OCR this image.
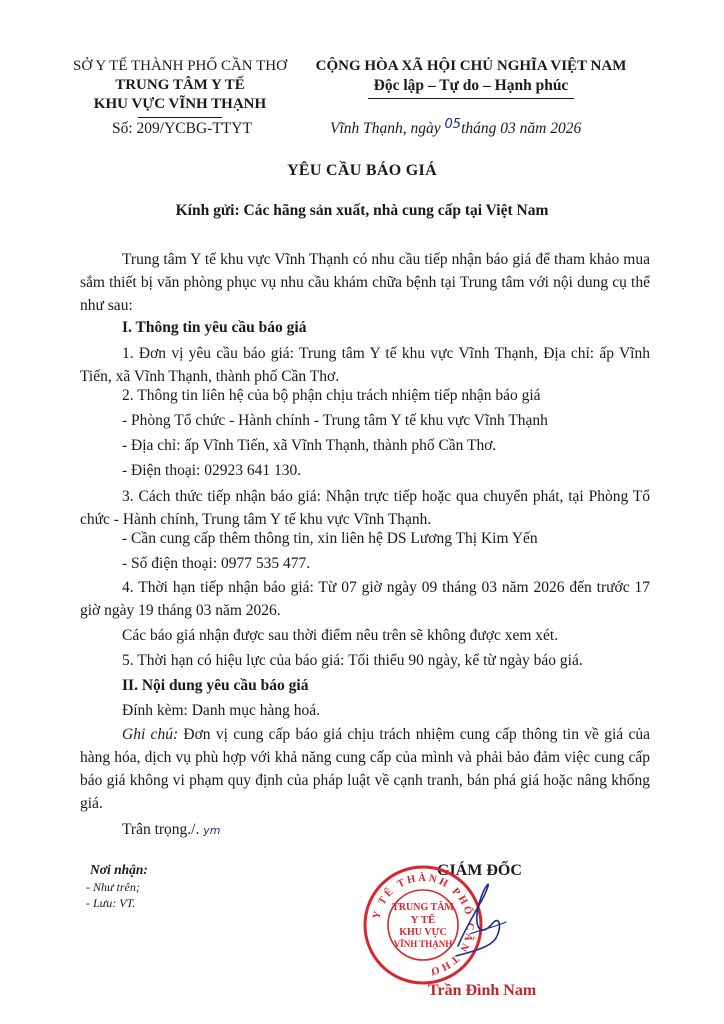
SỞ Y TẾ THÀNH PHỐ CẦN THƠ
TRUNG TÂM Y TẾ
KHU VỰC VĨNH THẠNH
Số: 209/YCBG-TTYT
CỘNG HÒA XÃ HỘI CHỦ NGHĨA VIỆT NAM
Độc lập – Tự do – Hạnh phúc
Vĩnh Thạnh, ngày $^{05}$tháng 03 năm 2026
YÊU CẦU BÁO GIÁ
Kính gửi: Các hãng sản xuất, nhà cung cấp tại Việt Nam
Trung tâm Y tế khu vực Vĩnh Thạnh có nhu cầu tiếp nhận báo giá để tham khảo mua sắm thiết bị văn phòng phục vụ nhu cầu khám chữa bệnh tại Trung tâm với nội dung cụ thể như sau:
I. Thông tin yêu cầu báo giá
1. Đơn vị yêu cầu báo giá: Trung tâm Y tế khu vực Vĩnh Thạnh, Địa chỉ: ấp Vĩnh Tiến, xã Vĩnh Thạnh, thành phố Cần Thơ.
2. Thông tin liên hệ của bộ phận chịu trách nhiệm tiếp nhận báo giá
- Phòng Tổ chức - Hành chính - Trung tâm Y tế khu vực Vĩnh Thạnh
- Địa chỉ: ấp Vĩnh Tiến, xã Vĩnh Thạnh, thành phố Cần Thơ.
- Điện thoại: 02923 641 130.
3. Cách thức tiếp nhận báo giá: Nhận trực tiếp hoặc qua chuyển phát, tại Phòng Tổ chức - Hành chính, Trung tâm Y tế khu vực Vĩnh Thạnh.
- Cần cung cấp thêm thông tin, xin liên hệ DS Lương Thị Kim Yến
- Số điện thoại: 0977 535 477.
4. Thời hạn tiếp nhận báo giá: Từ 07 giờ ngày 09 tháng 03 năm 2026 đến trước 17 giờ ngày 19 tháng 03 năm 2026.
Các báo giá nhận được sau thời điểm nêu trên sẽ không được xem xét.
5. Thời hạn có hiệu lực của báo giá: Tối thiểu 90 ngày, kể từ ngày báo giá.
II. Nội dung yêu cầu báo giá
Đính kèm: Danh mục hàng hoá.
Ghi chú: Đơn vị cung cấp báo giá chịu trách nhiệm cung cấp thông tin về giá của hàng hóa, dịch vụ phù hợp với khả năng cung cấp của mình và phải bảo đảm việc cung cấp báo giá không vi phạm quy định của pháp luật về cạnh tranh, bán phá giá hoặc nâng khống giá.
Trân trọng./. ym
Nơi nhận:
- Như trên;
- Lưu: VT.
GIÁM ĐỐC
Y TẾ THÀNH PHỐ CẦN THƠ
TRUNG TÂM
Y TẾ
KHU VỰC
VĨNH THẠNH
Trần Đình Nam
